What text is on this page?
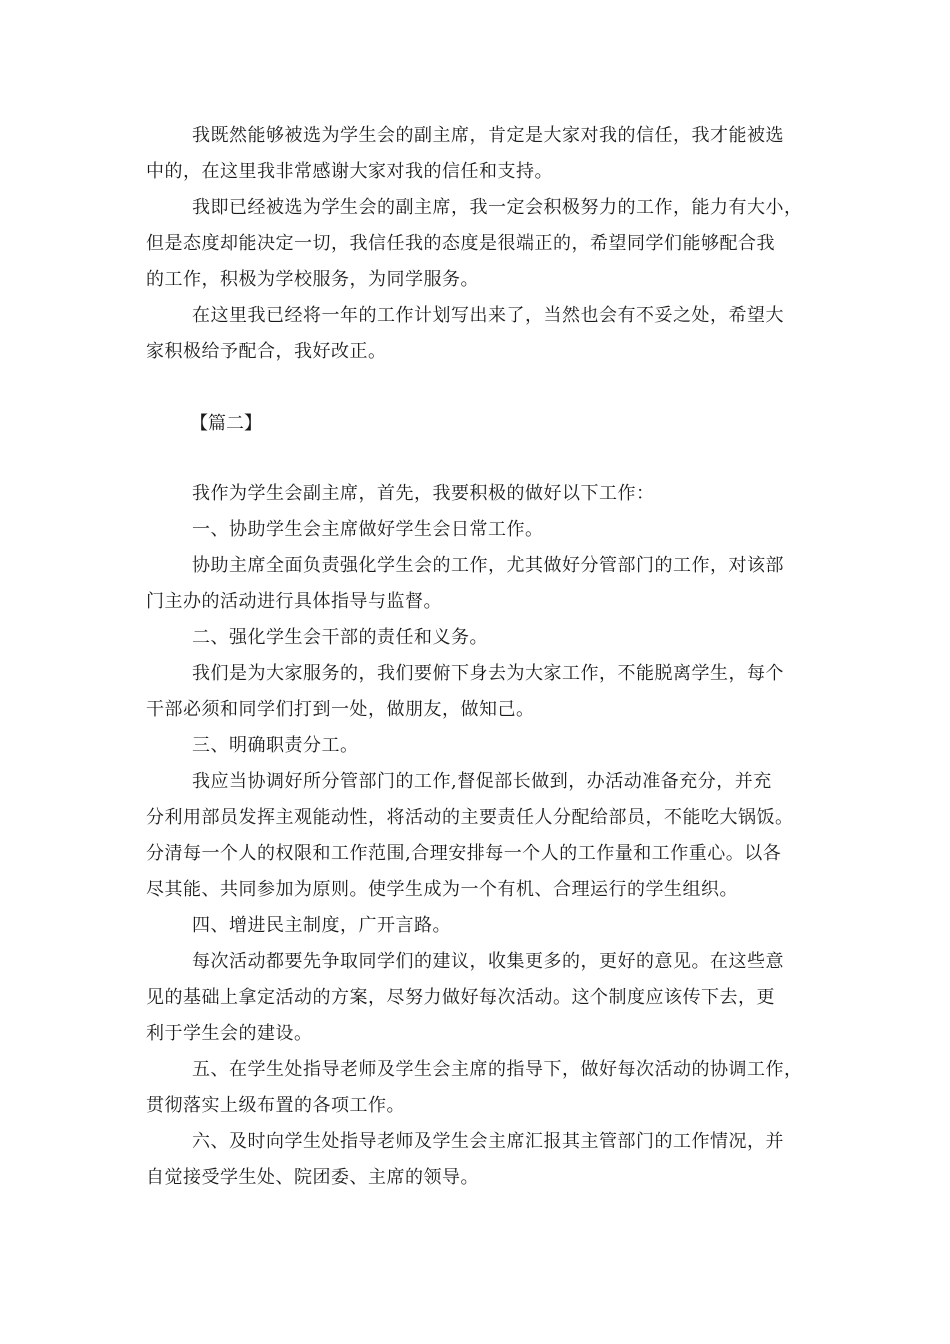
我既然能够被选为学生会的副主席，肯定是大家对我的信任，我才能被选
中的，在这里我非常感谢大家对我的信任和支持。
我即已经被选为学生会的副主席，我一定会积极努力的工作，能力有大小，
但是态度却能决定一切，我信任我的态度是很端正的，希望同学们能够配合我
的工作，积极为学校服务，为同学服务。
在这里我已经将一年的工作计划写出来了，当然也会有不妥之处，希望大
家积极给予配合，我好改正。
【篇二】
我作为学生会副主席，首先，我要积极的做好以下工作：
一、协助学生会主席做好学生会日常工作。
协助主席全面负责强化学生会的工作，尤其做好分管部门的工作，对该部
门主办的活动进行具体指导与监督。
二、强化学生会干部的责任和义务。
我们是为大家服务的，我们要俯下身去为大家工作，不能脱离学生，每个
干部必须和同学们打到一处，做朋友，做知己。
三、明确职责分工。
我应当协调好所分管部门的工作,督促部长做到，办活动准备充分，并充
分利用部员发挥主观能动性，将活动的主要责任人分配给部员，不能吃大锅饭。
分清每一个人的权限和工作范围,合理安排每一个人的工作量和工作重心。以各
尽其能、共同参加为原则。使学生成为一个有机、合理运行的学生组织。
四、增进民主制度，广开言路。
每次活动都要先争取同学们的建议，收集更多的，更好的意见。在这些意
见的基础上拿定活动的方案，尽努力做好每次活动。这个制度应该传下去，更
利于学生会的建设。
五、在学生处指导老师及学生会主席的指导下，做好每次活动的协调工作，
贯彻落实上级布置的各项工作。
六、及时向学生处指导老师及学生会主席汇报其主管部门的工作情况，并
自觉接受学生处、院团委、主席的领导。
